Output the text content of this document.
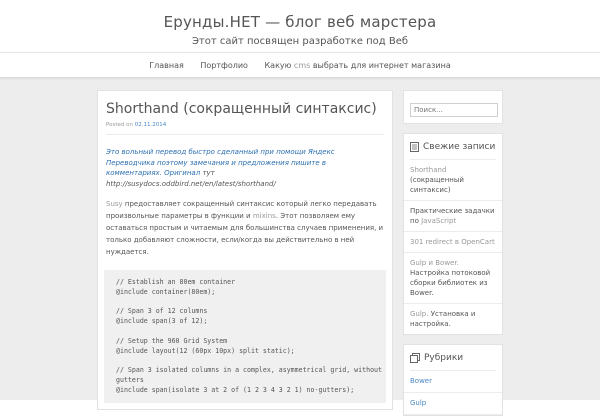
Ерунды.НЕТ — блог веб марстера
Этот сайт посвящен разработке под Веб
Главная Портфолио Какую cms выбрать для интернет магазина
Shorthand (сокращенный синтаксис)
Posted on 02.11.2014

Это вольный перевод быстро сделанный при помощи Яндекс Переводчика поэтому замечания и предложения пишите в комментариях. Оригинал тут http://susydocs.oddbird.net/en/latest/shorthand/

Susy предоставляет сокращенный синтаксис который легко передавать произвольные параметры в функции и mixins. Этот позволяем ему оставаться простым и читаемым для большинства случаев применения, и только добавляют сложности, если/когда вы действительно в ней нуждается.

// Establish an 80em container
@include container(80em);
// Span 3 of 12 columns
@include span(3 of 12);
// Setup the 960 Grid System
@include layout(12 (60px 10px) split static);
// Span 3 isolated columns in a complex, asymmetrical grid, without
gutters
@include span(isolate 3 at 2 of (1 2 3 4 3 2 1) no-gutters);
Поиск...
Свежие записи
Shorthand (сокращенный синтаксис)
Практические задачки по JavaScript
301 redirect в OpenCart
Gulp и Bower. Настройка потоковой сборки библиотек из Bower.
Gulp. Установка и настройка.
Рубрики
Bower
Gulp
